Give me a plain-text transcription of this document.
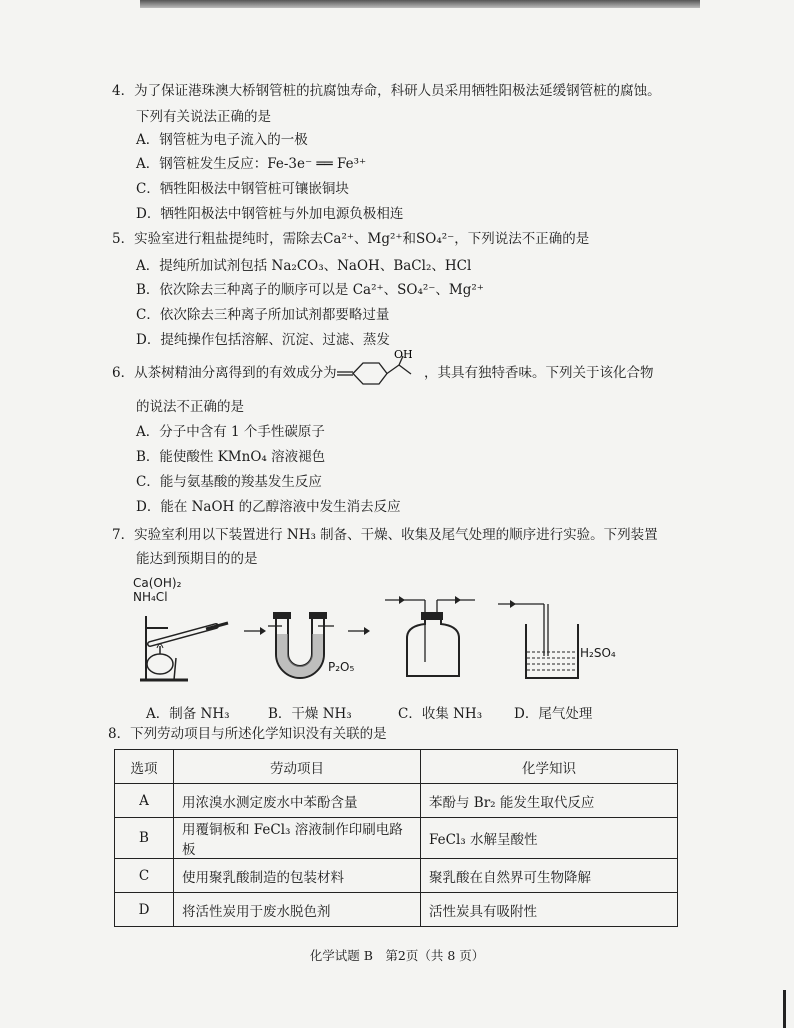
4．为了保证港珠澳大桥钢管桩的抗腐蚀寿命，科研人员采用牺牲阳极法延缓钢管桩的腐蚀。
下列有关说法正确的是
A．钢管桩为电子流入的一极
A．钢管桩发生反应：Fe-3e⁻ ══ Fe³⁺
C．牺牲阳极法中钢管桩可镶嵌铜块
D．牺牲阳极法中钢管桩与外加电源负极相连
5．实验室进行粗盐提纯时，需除去Ca²⁺、Mg²⁺和SO₄²⁻，下列说法不正确的是
A．提纯所加试剂包括 Na₂CO₃、NaOH、BaCl₂、HCl
B．依次除去三种离子的顺序可以是 Ca²⁺、SO₄²⁻、Mg²⁺
C．依次除去三种离子所加试剂都要略过量
D．提纯操作包括溶解、沉淀、过滤、蒸发
6．从茶树精油分离得到的有效成分为
OH
，其具有独特香味。下列关于该化合物
的说法不正确的是
A．分子中含有 1 个手性碳原子
B．能使酸性 KMnO₄ 溶液褪色
C．能与氨基酸的羧基发生反应
D．能在 NaOH 的乙醇溶液中发生消去反应
7．实验室利用以下装置进行 NH₃ 制备、干燥、收集及尾气处理的顺序进行实验。下列装置
能达到预期目的的是
Ca(OH)₂
NH₄Cl
P₂O₅
H₂SO₄
A．制备 NH₃	B．干燥 NH₃	C．收集 NH₃ D．尾气处理
8．下列劳动项目与所述化学知识没有关联的是
选项	劳动项目	化学知识
A	用浓溴水测定废水中苯酚含量	苯酚与 Br₂ 能发生取代反应
B	用覆铜板和 FeCl₃ 溶液制作印刷电路板	FeCl₃ 水解呈酸性
C	使用聚乳酸制造的包装材料	聚乳酸在自然界可生物降解
D	将活性炭用于废水脱色剂	活性炭具有吸附性
化学试题 B　第2页（共 8 页）
